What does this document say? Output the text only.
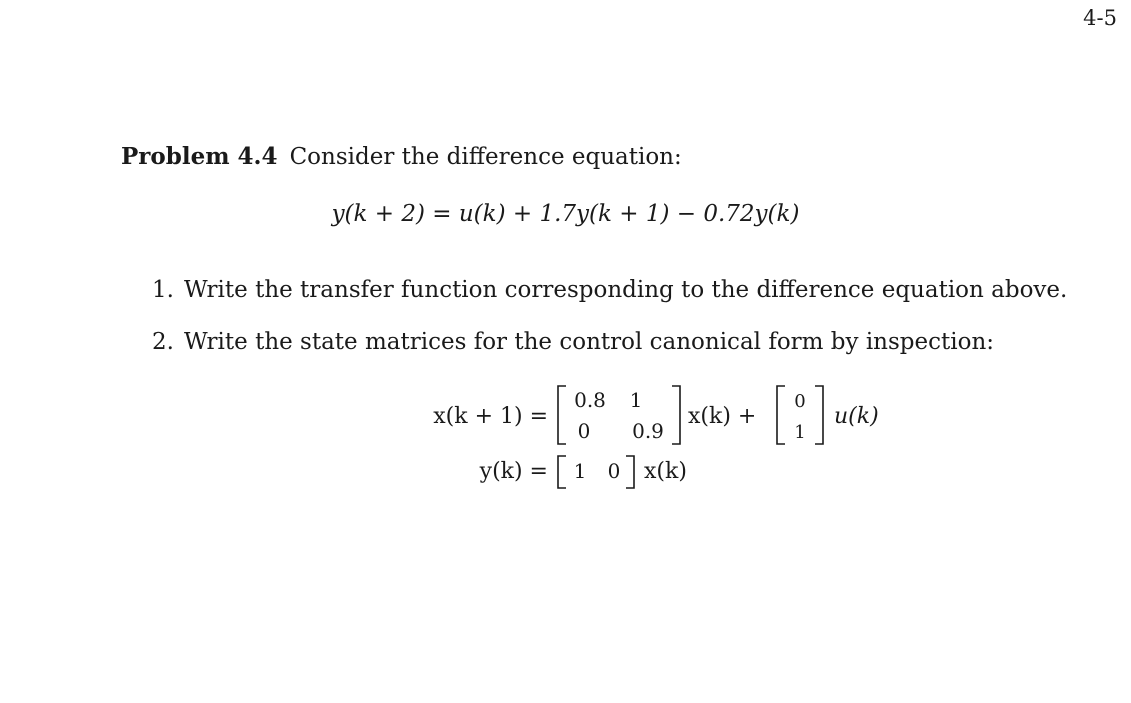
4-5
Problem 4.4 Consider the difference equation:
y(k + 2) = u(k) + 1.7y(k + 1) − 0.72y(k)
1. Write the transfer function corresponding to the difference equation above.
2. Write the state matrices for the control canonical form by inspection:
x(k + 1) =
0.8 1
0 0.9
x(k) +
0
1
u(k)
y(k) = 1 0 x(k)
